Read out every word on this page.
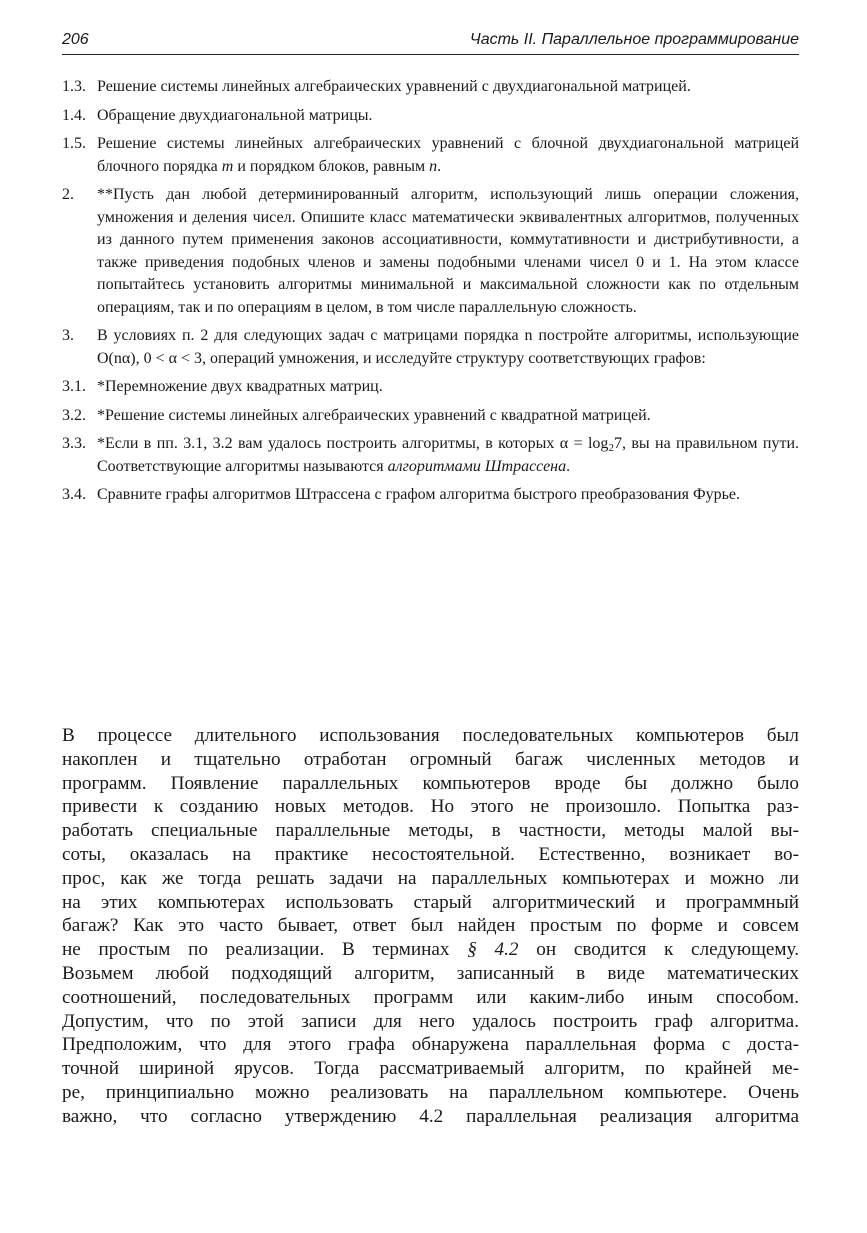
206	Часть II. Параллельное программирование
1.3. Решение системы линейных алгебраических уравнений с двухдиагональной матрицей.
1.4. Обращение двухдиагональной матрицы.
1.5. Решение системы линейных алгебраических уравнений с блочной двухдиагональной матрицей блочного порядка m и порядком блоков, равным n.
2. **Пусть дан любой детерминированный алгоритм, использующий лишь операции сложения, умножения и деления чисел. Опишите класс математически эквивалентных алгоритмов, полученных из данного путем применения законов ассоциативности, коммутативности и дистрибутивности, а также приведения подобных членов и замены подобными членами чисел 0 и 1. На этом классе попытайтесь установить алгоритмы минимальной и максимальной сложности как по отдельным операциям, так и по операциям в целом, в том числе параллельную сложность.
3. В условиях п. 2 для следующих задач с матрицами порядка n постройте алгоритмы, использующие O(nα), 0 < α < 3, операций умножения, и исследуйте структуру соответствующих графов:
3.1. *Перемножение двух квадратных матриц.
3.2. *Решение системы линейных алгебраических уравнений с квадратной матрицей.
3.3. *Если в пп. 3.1, 3.2 вам удалось построить алгоритмы, в которых $\alpha = \log_27$, вы на правильном пути. Соответствующие алгоритмы называются алгоритмами Штрассена.
3.4. Сравните графы алгоритмов Штрассена с графом алгоритма быстрого преобразования Фурье.
В процессе длительного использования последовательных компьютеров был
накоплен и тщательно отработан огромный багаж численных методов и
программ. Появление параллельных компьютеров вроде бы должно было
привести к созданию новых методов. Но этого не произошло. Попытка раз-
работать специальные параллельные методы, в частности, методы малой вы-
соты, оказалась на практике несостоятельной. Естественно, возникает во-
прос, как же тогда решать задачи на параллельных компьютерах и можно ли
на этих компьютерах использовать старый алгоритмический и программный
багаж? Как это часто бывает, ответ был найден простым по форме и совсем
не простым по реализации. В терминах § 4.2 он сводится к следующему.
Возьмем любой подходящий алгоритм, записанный в виде математических
соотношений, последовательных программ или каким-либо иным способом.
Допустим, что по этой записи для него удалось построить граф алгоритма.
Предположим, что для этого графа обнаружена параллельная форма с доста-
точной шириной ярусов. Тогда рассматриваемый алгоритм, по крайней ме-
ре, принципиально можно реализовать на параллельном компьютере. Очень
важно, что согласно утверждению 4.2 параллельная реализация алгоритма
